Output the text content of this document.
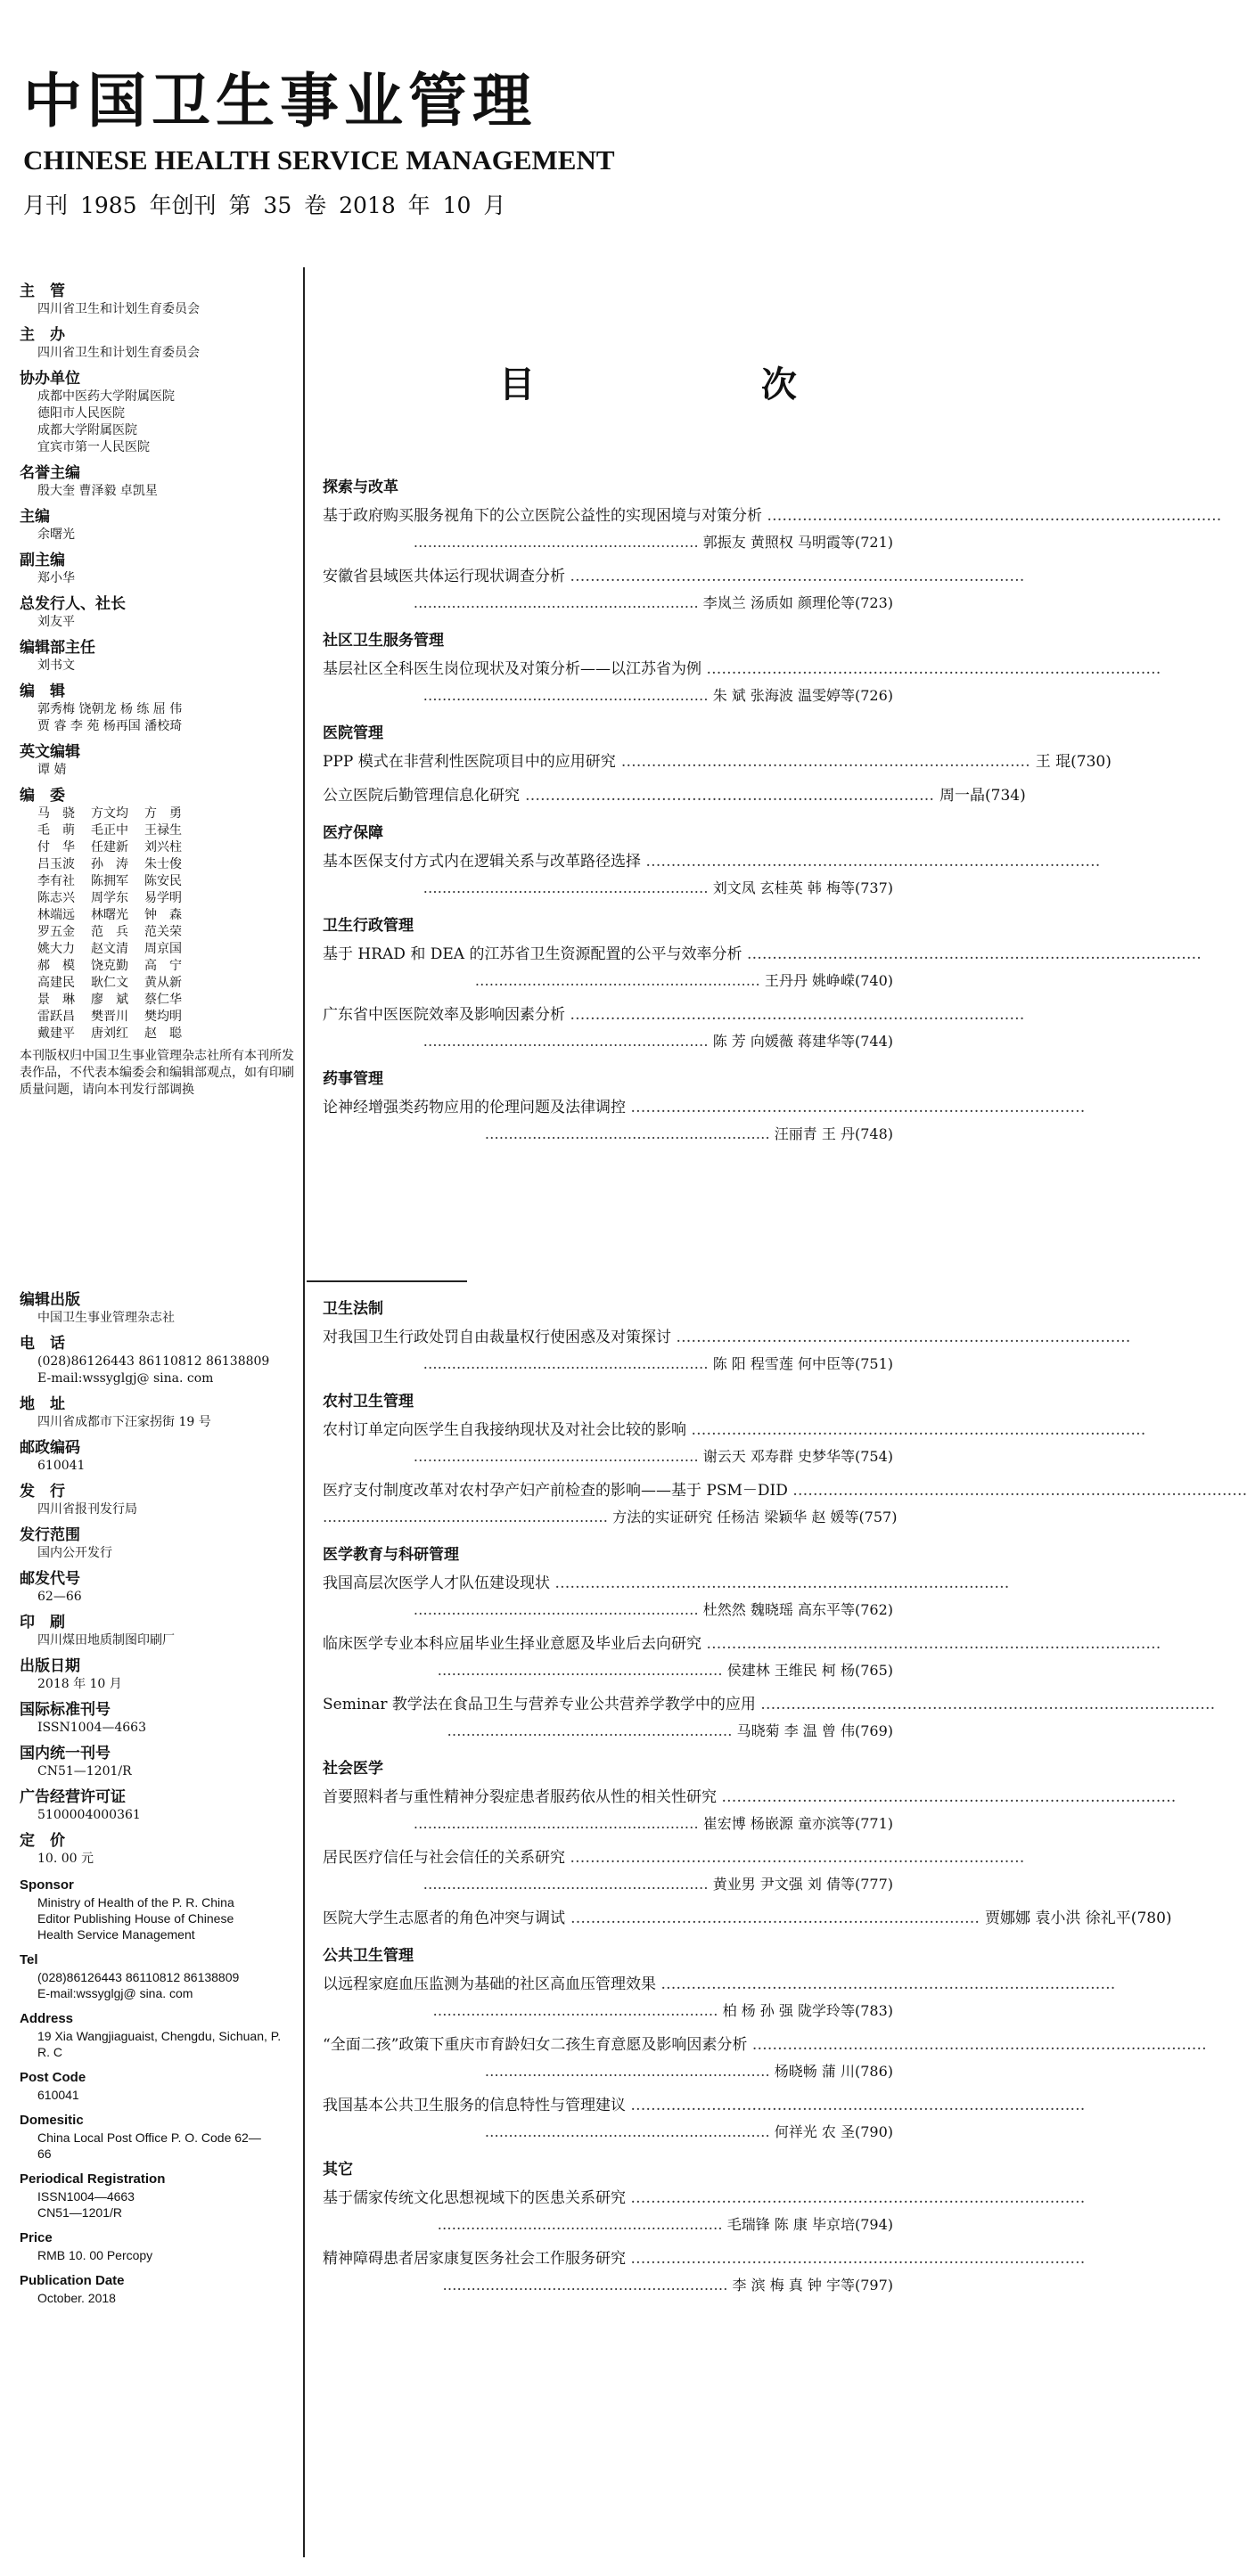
中国卫生事业管理
CHINESE HEALTH SERVICE MANAGEMENT
月刊 1985 年创刊 第 35 卷 2018 年 10 月
主　管
四川省卫生和计划生育委员会
主　办
四川省卫生和计划生育委员会
协办单位
成都中医药大学附属医院
德阳市人民医院
成都大学附属医院
宜宾市第一人民医院
名誉主编
殷大奎 曹泽毅 卓凯星
主编
余曙光
副主编
郑小华
总发行人、社长
刘友平
编辑部主任
刘书文
编　辑
郭秀梅 饶朝龙 杨 练 屈 伟
贾 睿 李 苑 杨再国 潘校琦
英文编辑
谭 婧
编　委
马　骁	方文均	方　勇
毛　萌	毛正中	王禄生
付　华	任建新	刘兴柱
吕玉波	孙　涛	朱士俊
李有社	陈拥军	陈安民
陈志兴	周学东	易学明
林端远	林曙光	钟　森
罗五金	范　兵	范关荣
姚大力	赵文清	周京国
郝　模	饶克勤	高　宁
高建民	耿仁文	黄从新
景　琳	廖　斌	蔡仁华
雷跃昌	樊晋川	樊均明
戴建平	唐刘红	赵　聪
本刊版权归中国卫生事业管理杂志社所有本刊所发表作品，不代表本编委会和编辑部观点，如有印刷质量问题，请向本刊发行部调换
编辑出版
中国卫生事业管理杂志社
电　话
(028)86126443 86110812 86138809
E-mail:wssyglgj@ sina. com
地　址
四川省成都市下汪家拐街 19 号
邮政编码
610041
发　行
四川省报刊发行局
发行范围
国内公开发行
邮发代号
62—66
印　刷
四川煤田地质制图印刷厂
出版日期
2018 年 10 月
国际标准刊号
ISSN1004—4663
国内统一刊号
CN51—1201/R
广告经营许可证
5100004000361
定　价
10. 00 元
Sponsor
Ministry of Health of the P. R. China
Editor Publishing House of Chinese
Health Service Management
Tel
(028)86126443 86110812 86138809
E-mail:wssyglgj@ sina. com
Address
19 Xia Wangjiaguaist, Chengdu, Sichuan, P.
R. C
Post Code
610041
Domesitic
China Local Post Office P. O. Code 62—
66
Periodical Registration
ISSN1004—4663
CN51—1201/R
Price
RMB 10. 00 Percopy
Publication Date
October. 2018
目 次
探索与改革
基于政府购买服务视角下的公立医院公益性的实现困境与对策分析 ………………………………………………………………………………
…………………………………………………… 郭振友 黄照权 马明霞等(721)
安徽省县域医共体运行现状调查分析 ………………………………………………………………………………
…………………………………………………… 李岚兰 汤质如 颜理伦等(723)
社区卫生服务管理
基层社区全科医生岗位现状及对策分析——以江苏省为例 ………………………………………………………………………………
…………………………………………………… 朱 斌 张海波 温雯婷等(726)
医院管理
PPP 模式在非营利性医院项目中的应用研究 ……………………………………………………………………… 王 琨(730)
公立医院后勤管理信息化研究 ……………………………………………………………………… 周一晶(734)
医疗保障
基本医保支付方式内在逻辑关系与改革路径选择 ………………………………………………………………………………
…………………………………………………… 刘文凤 玄桂英 韩 梅等(737)
卫生行政管理
基于 HRAD 和 DEA 的江苏省卫生资源配置的公平与效率分析 ………………………………………………………………………………
…………………………………………………… 王丹丹 姚峥嵘(740)
广东省中医医院效率及影响因素分析 ………………………………………………………………………………
…………………………………………………… 陈 芳 向媛薇 蒋建华等(744)
药事管理
论神经增强类药物应用的伦理问题及法律调控 ………………………………………………………………………………
…………………………………………………… 汪丽青 王 丹(748)
卫生法制
对我国卫生行政处罚自由裁量权行使困惑及对策探讨 ………………………………………………………………………………
…………………………………………………… 陈 阳 程雪莲 何中臣等(751)
农村卫生管理
农村订单定向医学生自我接纳现状及对社会比较的影响 ………………………………………………………………………………
…………………………………………………… 谢云天 邓寿群 史梦华等(754)
医疗支付制度改革对农村孕产妇产前检查的影响——基于 PSM－DID ………………………………………………………………………………
…………………………………………………… 方法的实证研究 任杨洁 梁颖华 赵 媛等(757)
医学教育与科研管理
我国高层次医学人才队伍建设现状 ………………………………………………………………………………
…………………………………………………… 杜然然 魏晓瑶 高东平等(762)
临床医学专业本科应届毕业生择业意愿及毕业后去向研究 ………………………………………………………………………………
…………………………………………………… 侯建林 王维民 柯 杨(765)
Seminar 教学法在食品卫生与营养专业公共营养学教学中的应用 ………………………………………………………………………………
…………………………………………………… 马晓菊 李 温 曾 伟(769)
社会医学
首要照料者与重性精神分裂症患者服药依从性的相关性研究 ………………………………………………………………………………
…………………………………………………… 崔宏博 杨嵌源 童亦滨等(771)
居民医疗信任与社会信任的关系研究 ………………………………………………………………………………
…………………………………………………… 黄业男 尹文强 刘 倩等(777)
医院大学生志愿者的角色冲突与调试 ……………………………………………………………………… 贾娜娜 袁小洪 徐礼平(780)
公共卫生管理
以远程家庭血压监测为基础的社区高血压管理效果 ………………………………………………………………………………
…………………………………………………… 柏 杨 孙 强 陇学玲等(783)
“全面二孩”政策下重庆市育龄妇女二孩生育意愿及影响因素分析 ………………………………………………………………………………
…………………………………………………… 杨晓畅 蒲 川(786)
我国基本公共卫生服务的信息特性与管理建议 ………………………………………………………………………………
…………………………………………………… 何祥光 农 圣(790)
其它
基于儒家传统文化思想视域下的医患关系研究 ………………………………………………………………………………
…………………………………………………… 毛瑞锋 陈 康 毕京培(794)
精神障碍患者居家康复医务社会工作服务研究 ………………………………………………………………………………
…………………………………………………… 李 滨 梅 真 钟 宇等(797)
